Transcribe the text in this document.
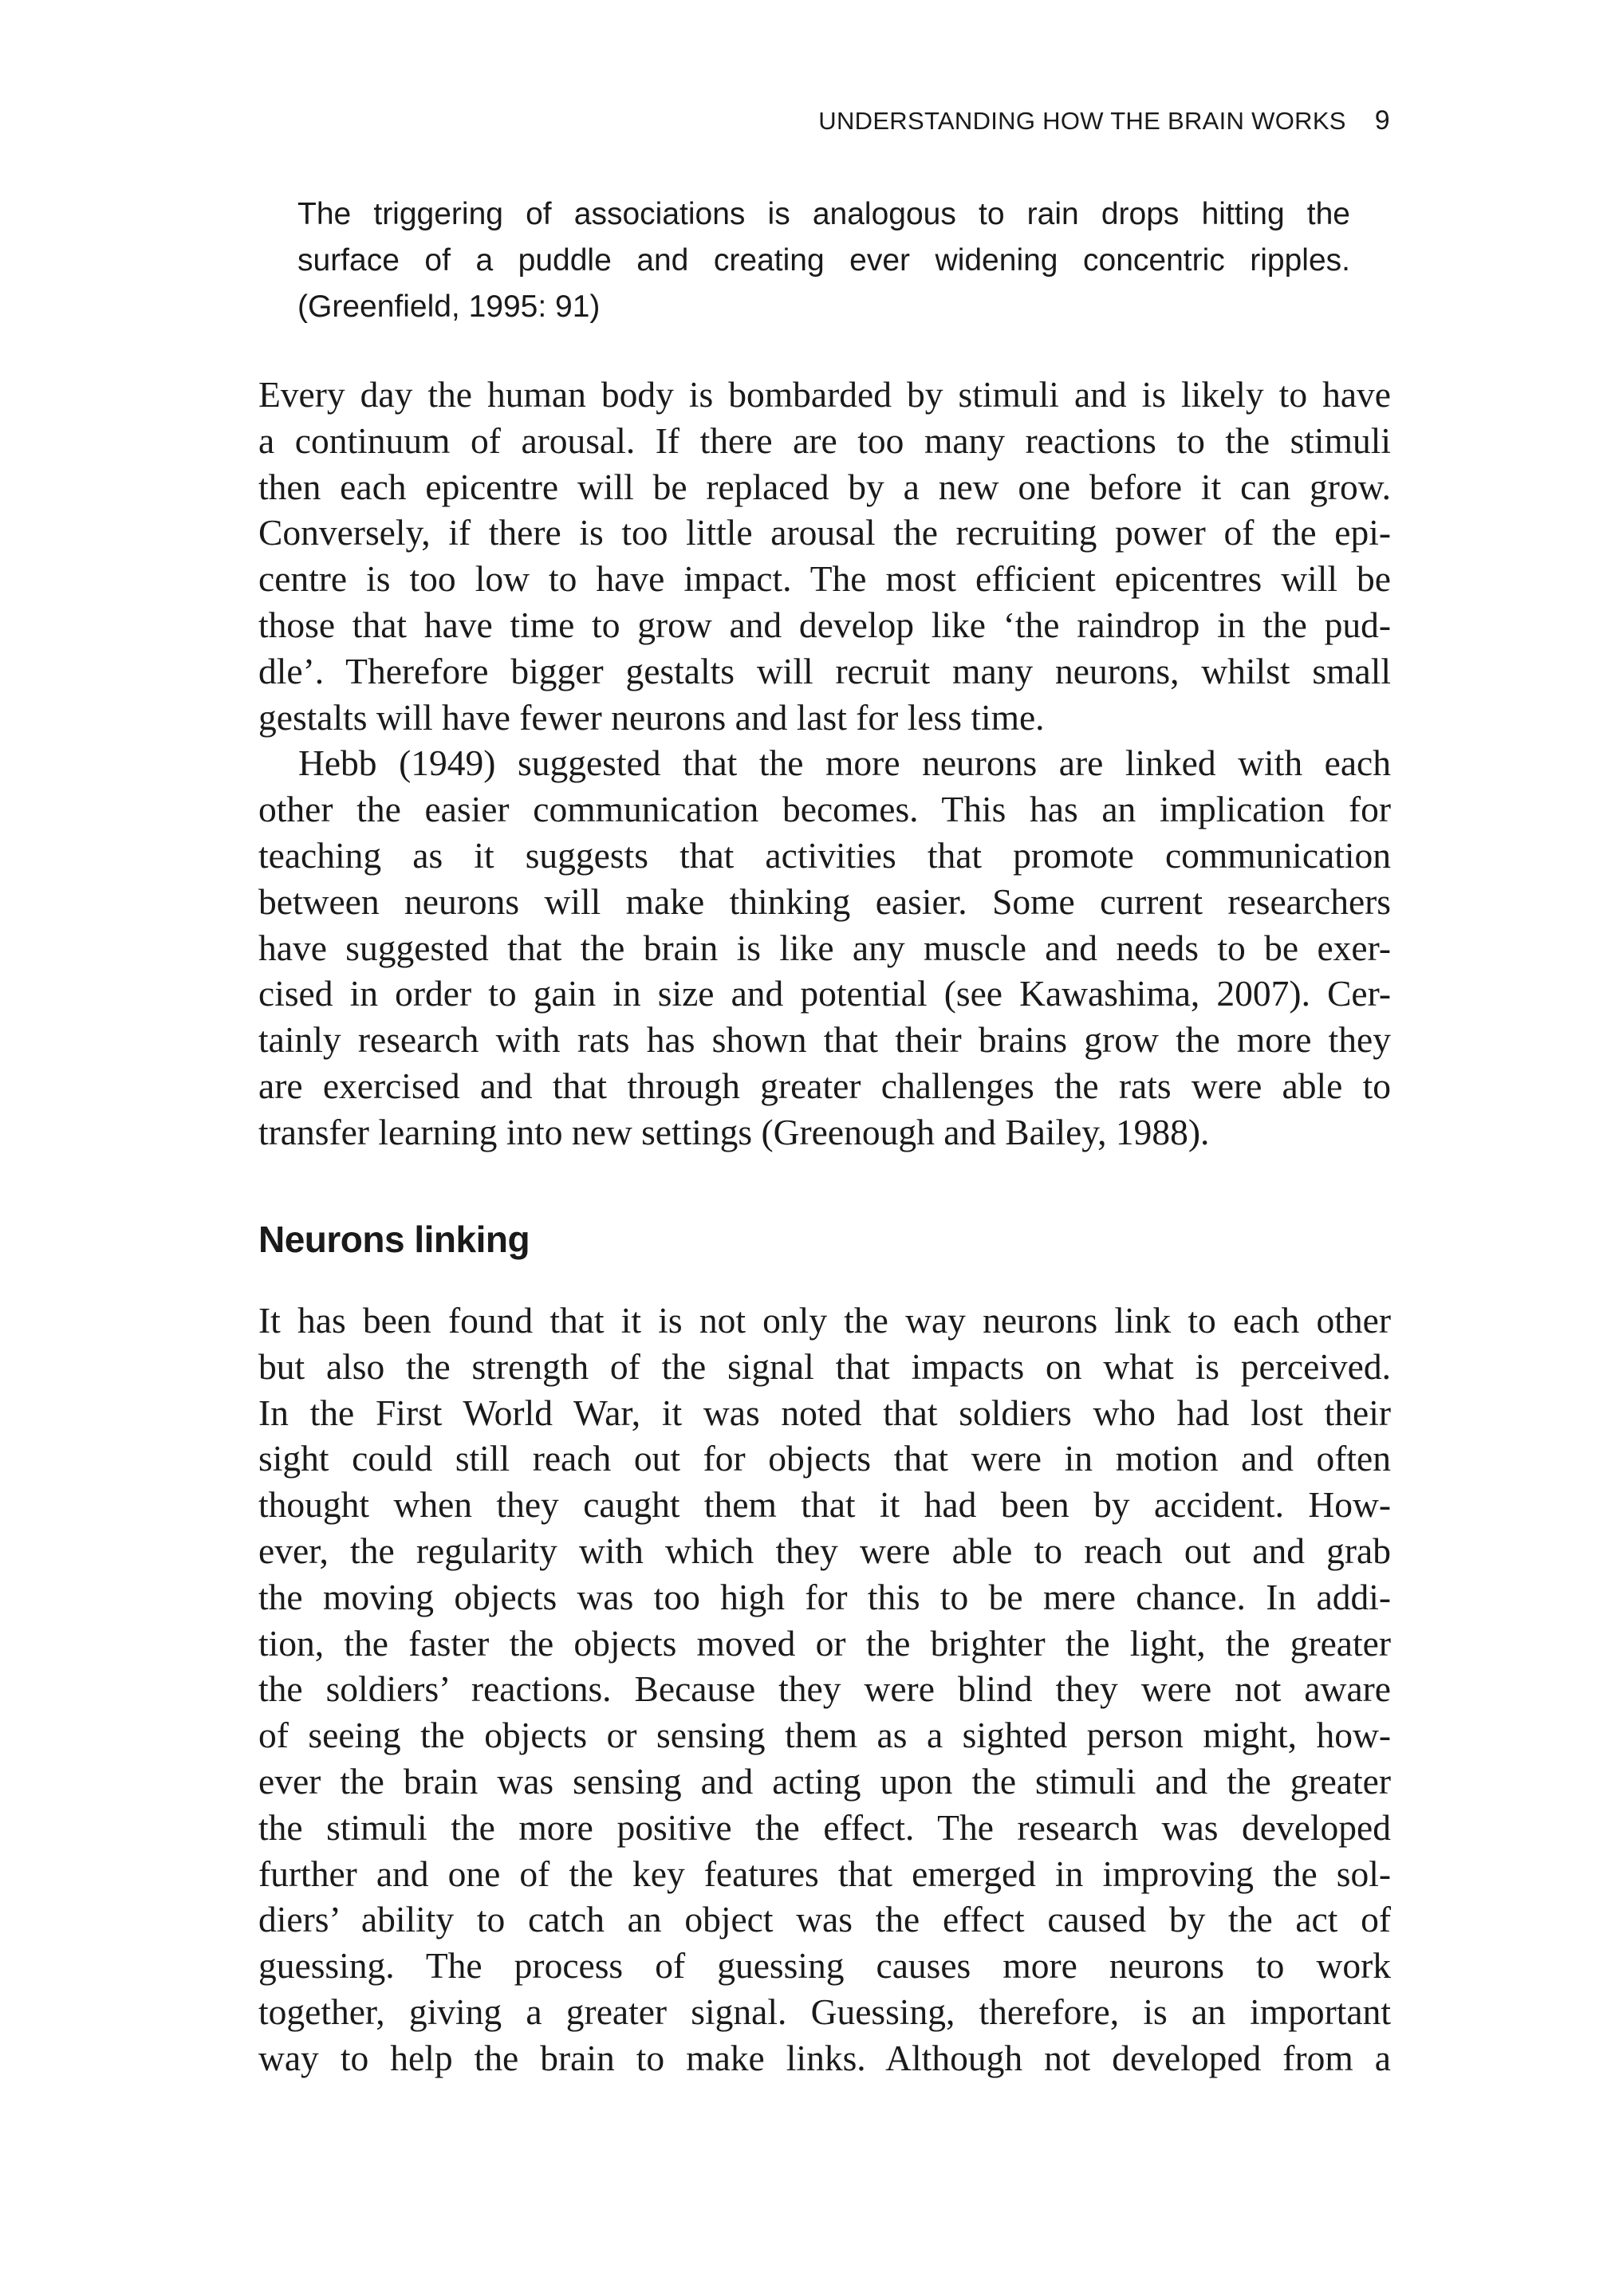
UNDERSTANDING HOW THE BRAIN WORKS 9
The triggering of associations is analogous to rain drops hitting the
surface of a puddle and creating ever widening concentric ripples.
(Greenfield, 1995: 91)
Every day the human body is bombarded by stimuli and is likely to have
a continuum of arousal. If there are too many reactions to the stimuli
then each epicentre will be replaced by a new one before it can grow.
Conversely, if there is too little arousal the recruiting power of the epi-
centre is too low to have impact. The most efficient epicentres will be
those that have time to grow and develop like ‘the raindrop in the pud-
dle’. Therefore bigger gestalts will recruit many neurons, whilst small
gestalts will have fewer neurons and last for less time.
Hebb (1949) suggested that the more neurons are linked with each
other the easier communication becomes. This has an implication for
teaching as it suggests that activities that promote communication
between neurons will make thinking easier. Some current researchers
have suggested that the brain is like any muscle and needs to be exer-
cised in order to gain in size and potential (see Kawashima, 2007). Cer-
tainly research with rats has shown that their brains grow the more they
are exercised and that through greater challenges the rats were able to
transfer learning into new settings (Greenough and Bailey, 1988).
Neurons linking
It has been found that it is not only the way neurons link to each other
but also the strength of the signal that impacts on what is perceived.
In the First World War, it was noted that soldiers who had lost their
sight could still reach out for objects that were in motion and often
thought when they caught them that it had been by accident. How-
ever, the regularity with which they were able to reach out and grab
the moving objects was too high for this to be mere chance. In addi-
tion, the faster the objects moved or the brighter the light, the greater
the soldiers’ reactions. Because they were blind they were not aware
of seeing the objects or sensing them as a sighted person might, how-
ever the brain was sensing and acting upon the stimuli and the greater
the stimuli the more positive the effect. The research was developed
further and one of the key features that emerged in improving the sol-
diers’ ability to catch an object was the effect caused by the act of
guessing. The process of guessing causes more neurons to work
together, giving a greater signal. Guessing, therefore, is an important
way to help the brain to make links. Although not developed from a
